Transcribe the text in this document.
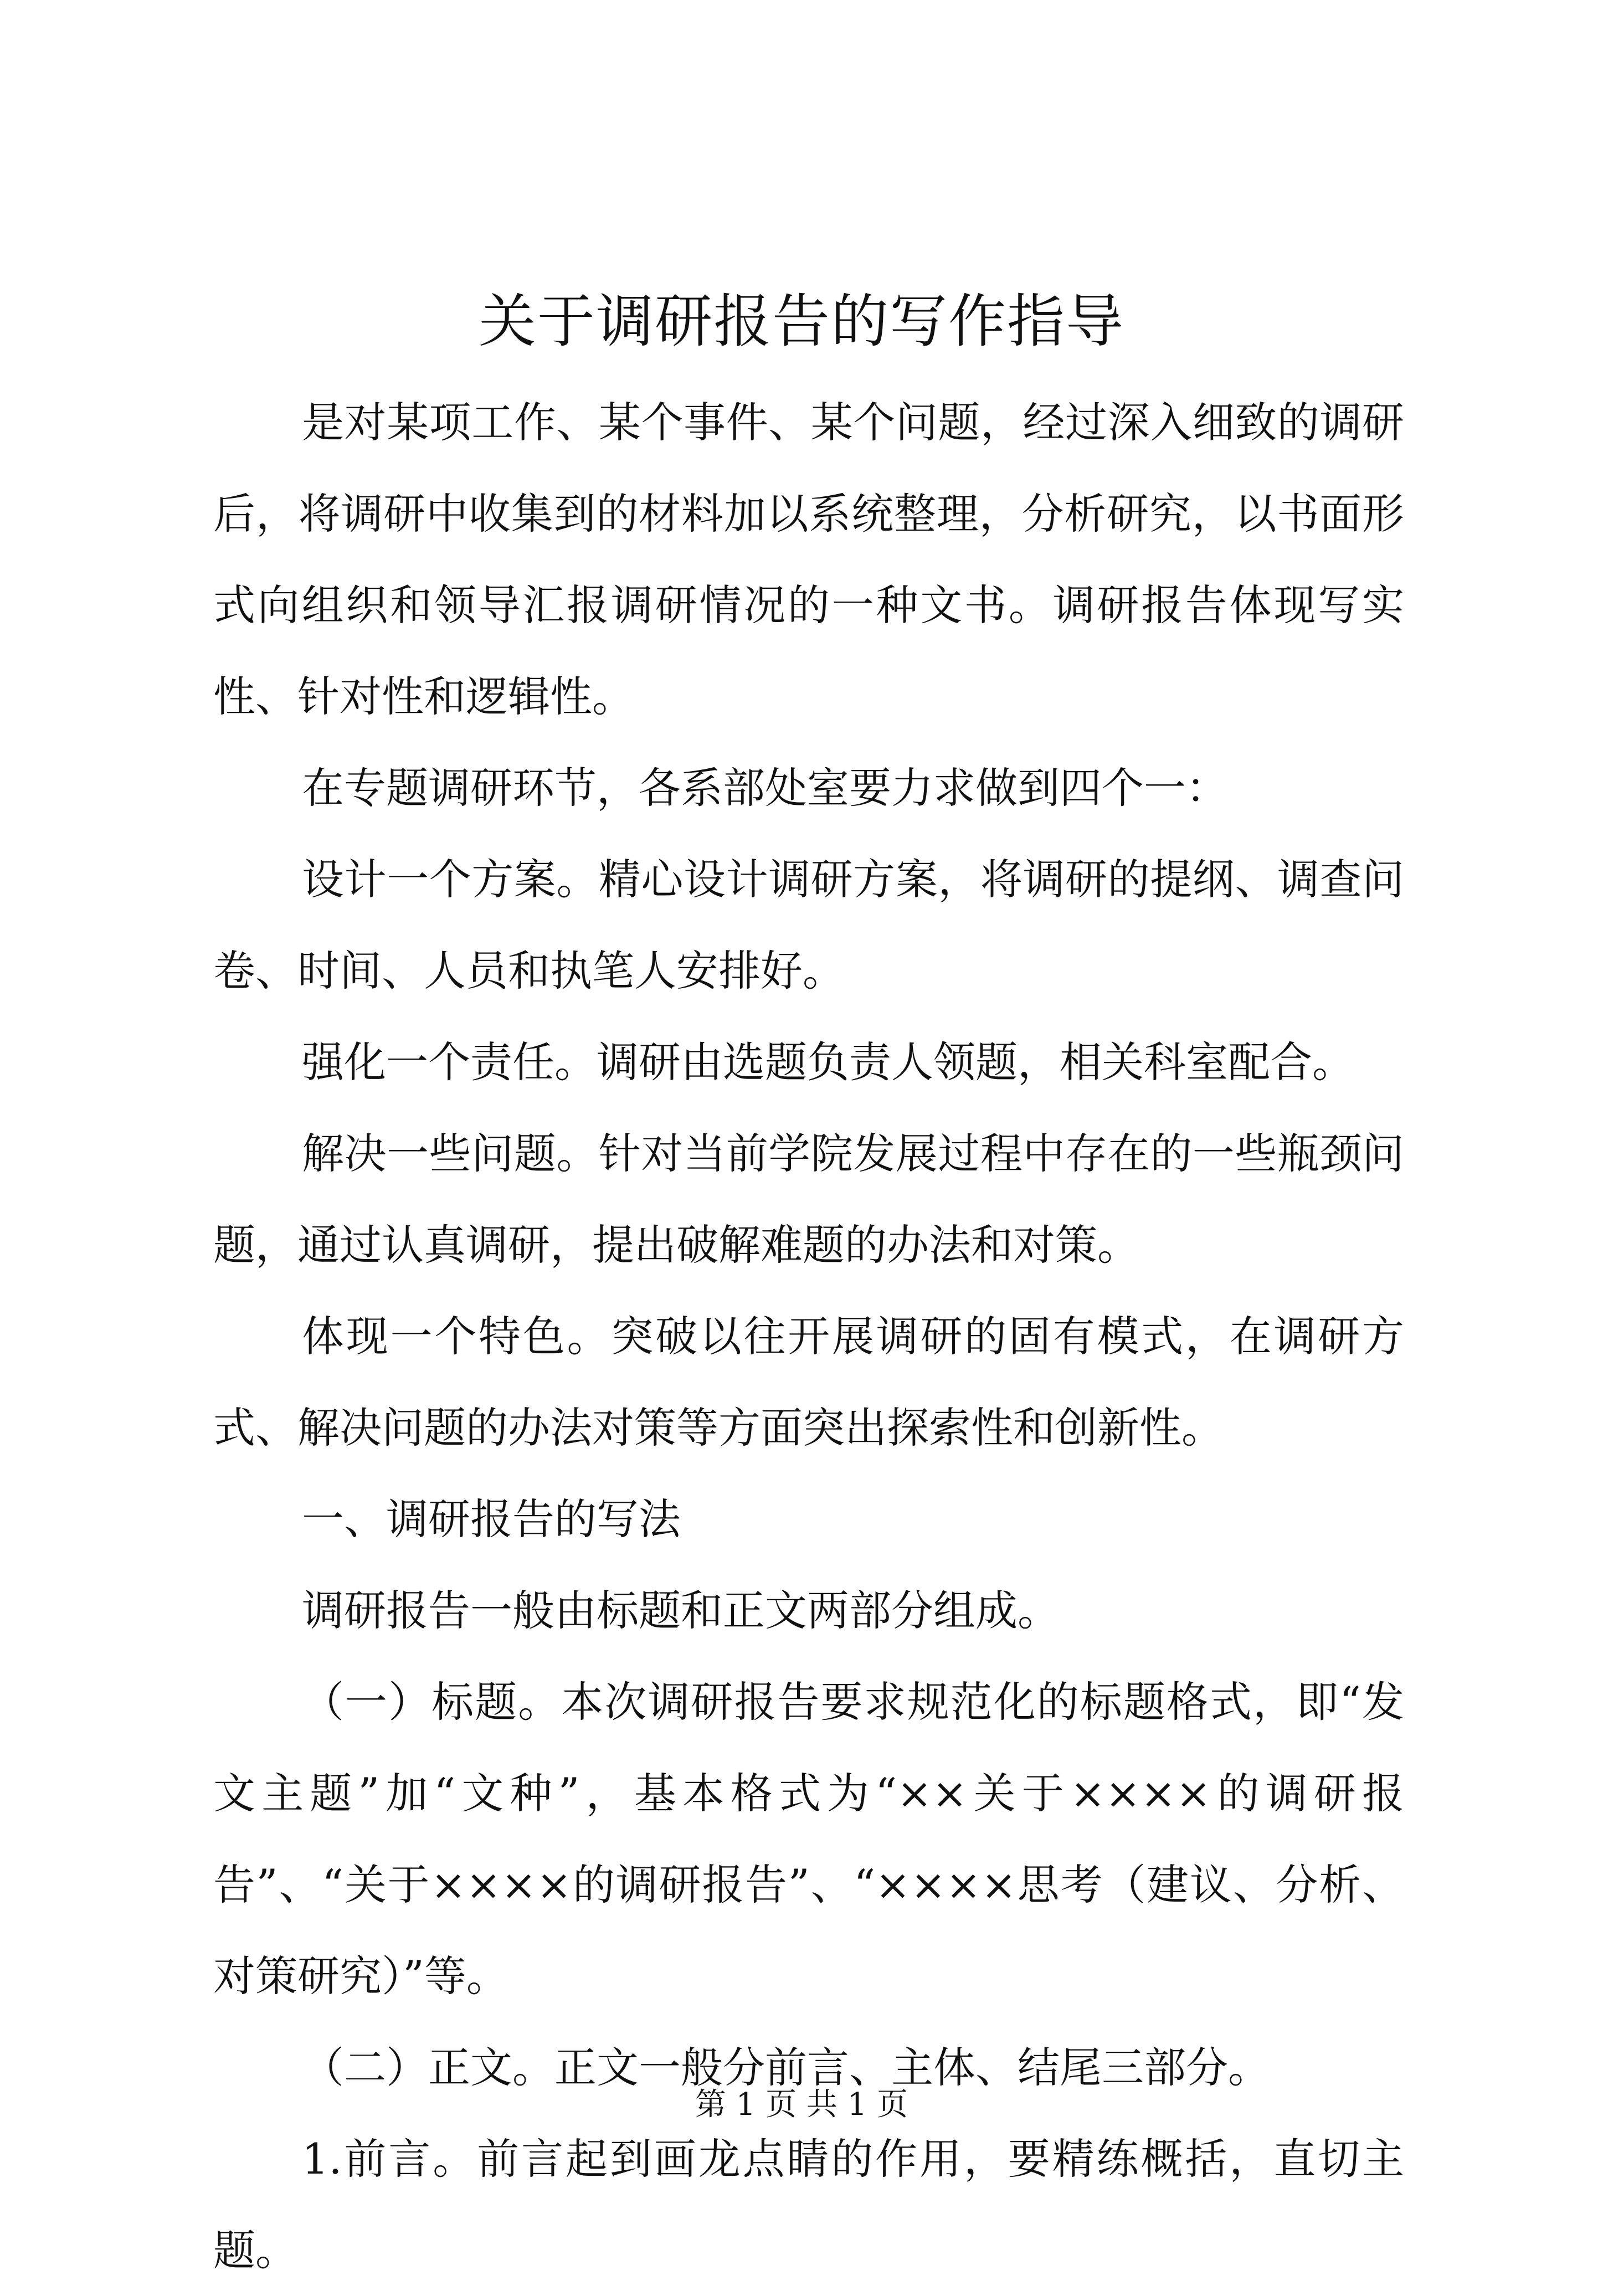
关于调研报告的写作指导

是对某项工作、某个事件、某个问题，经过深入细致的调研后，将调研中收集到的材料加以系统整理，分析研究，以书面形式向组织和领导汇报调研情况的一种文书。调研报告体现写实性、针对性和逻辑性。

在专题调研环节，各系部处室要力求做到四个一：

设计一个方案。精心设计调研方案，将调研的提纲、调查问卷、时间、人员和执笔人安排好。

强化一个责任。调研由选题负责人领题，相关科室配合。

解决一些问题。针对当前学院发展过程中存在的一些瓶颈问题，通过认真调研，提出破解难题的办法和对策。

体现一个特色。突破以往开展调研的固有模式，在调研方式、解决问题的办法对策等方面突出探索性和创新性。

一、调研报告的写法

调研报告一般由标题和正文两部分组成。

（一）标题。本次调研报告要求规范化的标题格式，即“发文主题”加“文种”，基本格式为“××关于××××的调研报告”、“关于××××的调研报告”、“××××思考（建议、分析、对策研究）”等。

（二）正文。正文一般分前言、主体、结尾三部分。

1.前言。前言起到画龙点睛的作用，要精练概括，直切主题。

第 1 页 共 1 页
